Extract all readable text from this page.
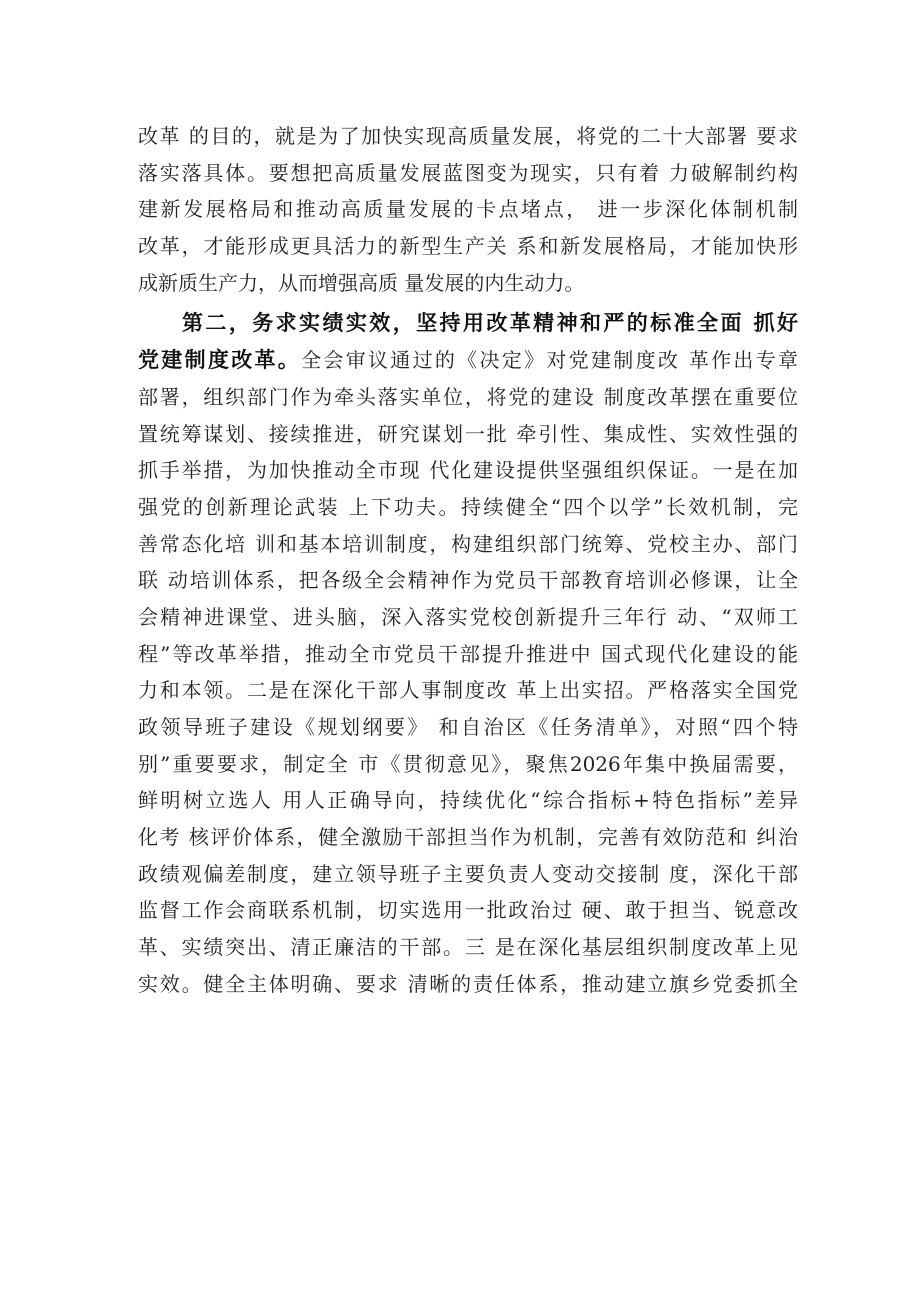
改革 的目的，就是为了加快实现高质量发展，将党的二十大部署 要求
落实落具体。要想把高质量发展蓝图变为现实，只有着 力破解制约构
建新发展格局和推动高质量发展的卡点堵点， 进一步深化体制机制
改革，才能形成更具活力的新型生产关 系和新发展格局，才能加快形
成新质生产力，从而增强高质 量发展的内生动力。
第二，务求实绩实效，坚持用改革精神和严的标准全面 抓好
党建制度改革。全会审议通过的《决定》对党建制度改 革作出专章
部署，组织部门作为牵头落实单位，将党的建设 制度改革摆在重要位
置统筹谋划、接续推进，研究谋划一批 牵引性、集成性、实效性强的
抓手举措，为加快推动全市现 代化建设提供坚强组织保证。一是在加
强党的创新理论武装 上下功夫。持续健全“四个以学”长效机制，完
善常态化培 训和基本培训制度，构建组织部门统筹、党校主办、部门
联 动培训体系，把各级全会精神作为党员干部教育培训必修课，让全
会精神进课堂、进头脑，深入落实党校创新提升三年行 动、“双师工
程”等改革举措，推动全市党员干部提升推进中 国式现代化建设的能
力和本领。二是在深化干部人事制度改 革上出实招。严格落实全国党
政领导班子建设《规划纲要》 和自治区《任务清单》，对照“四个特
别”重要要求，制定全 市《贯彻意见》，聚焦2026年集中换届需要，
鲜明树立选人 用人正确导向，持续优化“综合指标+特色指标”差异
化考 核评价体系，健全激励干部担当作为机制，完善有效防范和 纠治
政绩观偏差制度，建立领导班子主要负责人变动交接制 度，深化干部
监督工作会商联系机制，切实选用一批政治过 硬、敢于担当、锐意改
革、实绩突出、清正廉洁的干部。三 是在深化基层组织制度改革上见
实效。健全主体明确、要求 清晰的责任体系，推动建立旗乡党委抓全
